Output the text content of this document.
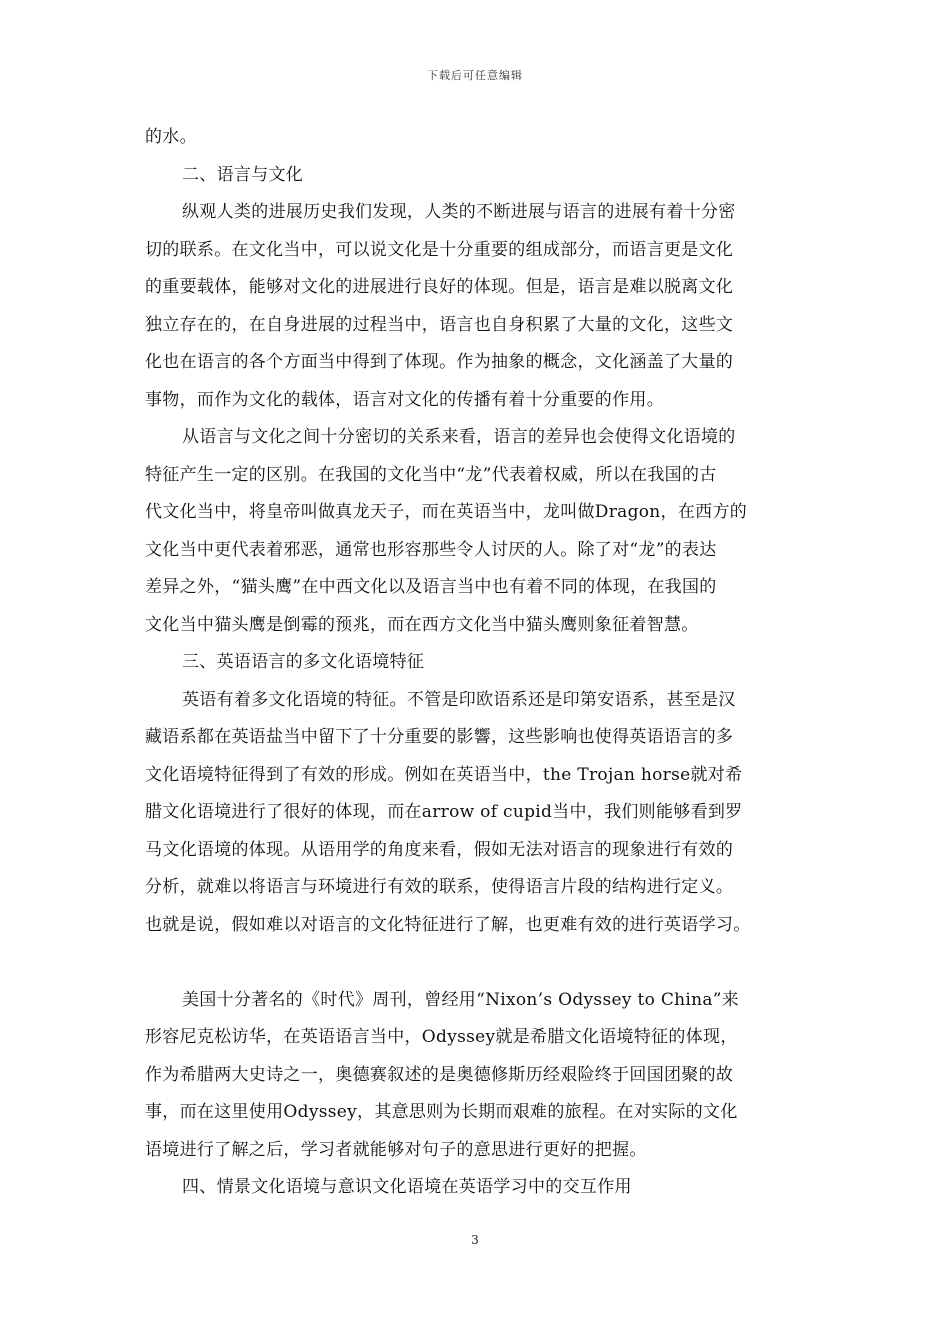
下载后可任意编辑
的水。
二、语言与文化
纵观人类的进展历史我们发现，人类的不断进展与语言的进展有着十分密
切的联系。在文化当中，可以说文化是十分重要的组成部分，而语言更是文化
的重要载体，能够对文化的进展进行良好的体现。但是，语言是难以脱离文化
独立存在的，在自身进展的过程当中，语言也自身积累了大量的文化，这些文
化也在语言的各个方面当中得到了体现。作为抽象的概念，文化涵盖了大量的
事物，而作为文化的载体，语言对文化的传播有着十分重要的作用。
从语言与文化之间十分密切的关系来看，语言的差异也会使得文化语境的
特征产生一定的区别。在我国的文化当中“龙”代表着权威，所以在我国的古
代文化当中，将皇帝叫做真龙天子，而在英语当中，龙叫做Dragon，在西方的
文化当中更代表着邪恶，通常也形容那些令人讨厌的人。除了对“龙”的表达
差异之外，“猫头鹰”在中西文化以及语言当中也有着不同的体现，在我国的
文化当中猫头鹰是倒霉的预兆，而在西方文化当中猫头鹰则象征着智慧。
三、英语语言的多文化语境特征
英语有着多文化语境的特征。不管是印欧语系还是印第安语系，甚至是汉
藏语系都在英语盐当中留下了十分重要的影響，这些影响也使得英语语言的多
文化语境特征得到了有效的形成。例如在英语当中，the Trojan horse就对希
腊文化语境进行了很好的体现，而在arrow of cupid当中，我们则能够看到罗
马文化语境的体现。从语用学的角度来看，假如无法对语言的现象进行有效的
分析，就难以将语言与环境进行有效的联系，使得语言片段的结构进行定义。
也就是说，假如难以对语言的文化特征进行了解，也更难有效的进行英语学习。
美国十分著名的《时代》周刊，曾经用“Nixon’s Odyssey to China”来
形容尼克松访华，在英语语言当中，Odyssey就是希腊文化语境特征的体现，
作为希腊两大史诗之一，奥德赛叙述的是奥德修斯历经艰险终于回国团聚的故
事，而在这里使用Odyssey，其意思则为长期而艰难的旅程。在对实际的文化
语境进行了解之后，学习者就能够对句子的意思进行更好的把握。
四、情景文化语境与意识文化语境在英语学习中的交互作用
3
